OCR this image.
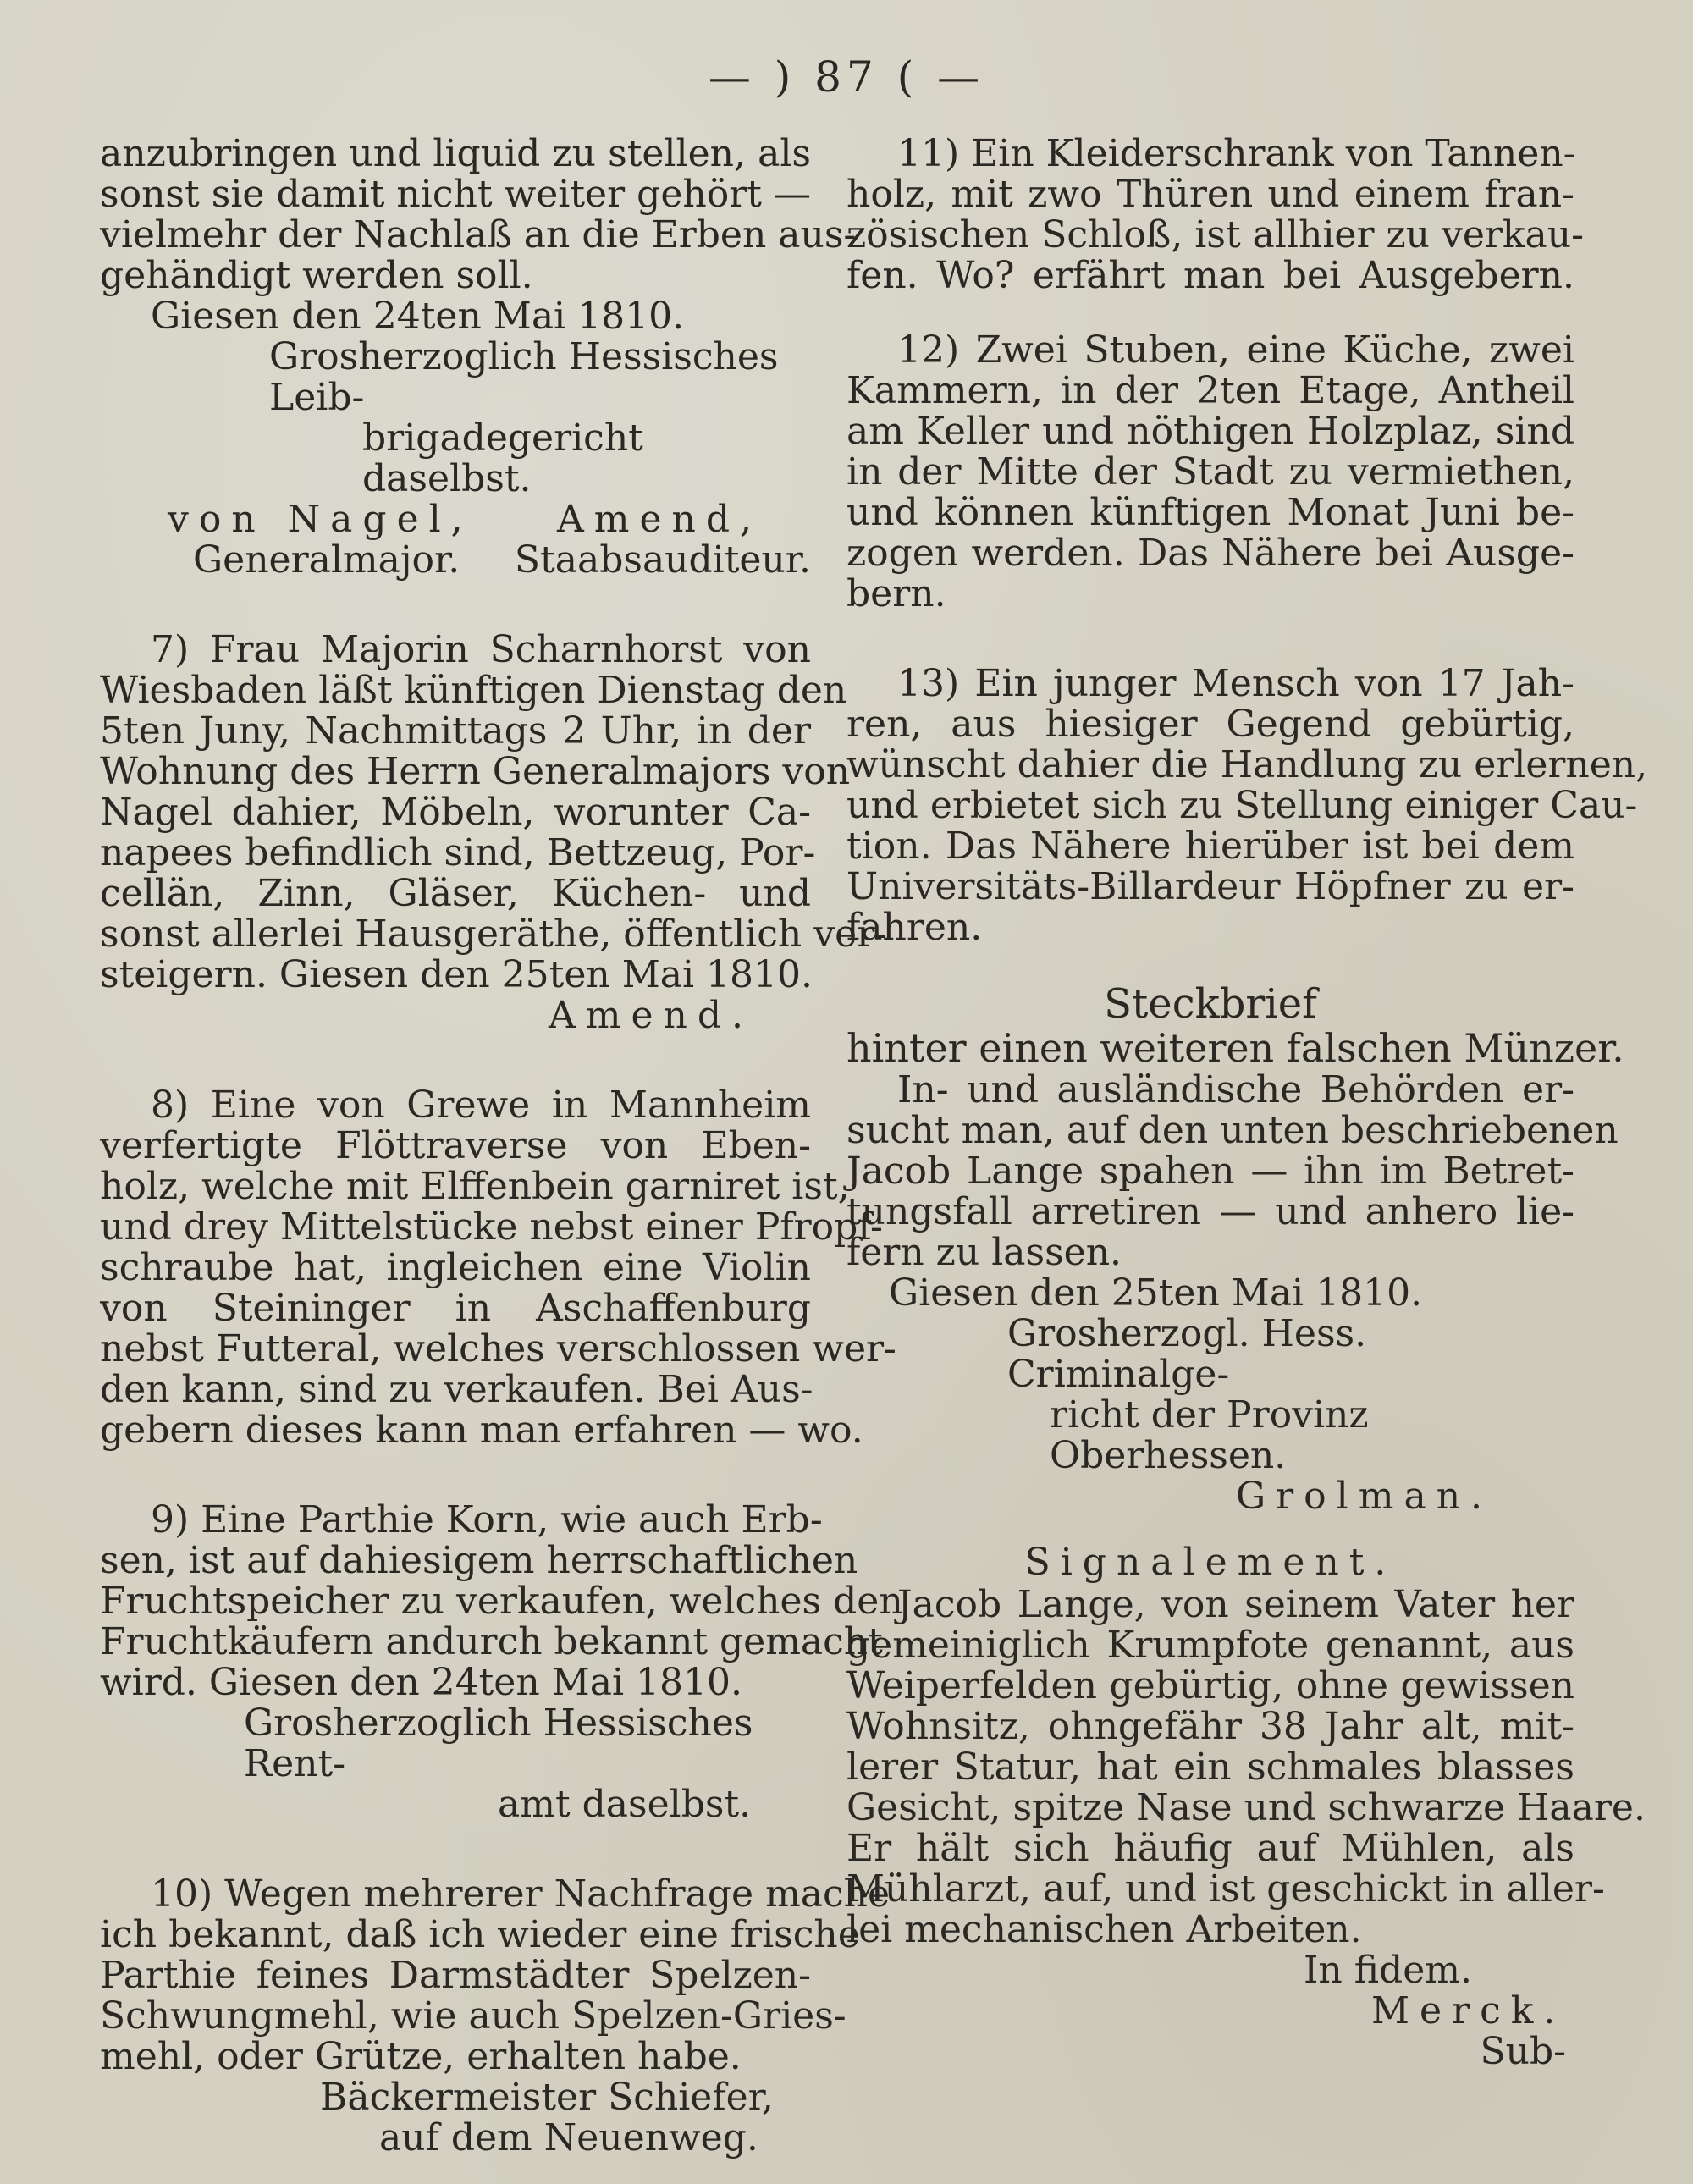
— ) 87 ( —
anzubringen und liquid zu stellen, als
sonst sie damit nicht weiter gehört —
vielmehr der Nachlaß an die Erben aus-
gehändigt werden soll.
Giesen den 24ten Mai 1810.
Grosherzoglich Hessisches Leib-
brigadegericht daselbst.
von Nagel,	Amend,
Generalmajor.	Staabsauditeur.
7) Frau Majorin Scharnhorst von
Wiesbaden läßt künftigen Dienstag den
5ten Juny, Nachmittags 2 Uhr, in der
Wohnung des Herrn Generalmajors von
Nagel dahier, Möbeln, worunter Ca-
napees befindlich sind, Bettzeug, Por-
cellän, Zinn, Gläser, Küchen- und
sonst allerlei Hausgeräthe, öffentlich ver-
steigern. Giesen den 25ten Mai 1810.
Amend.
8) Eine von Grewe in Mannheim
verfertigte Flöttraverse von Eben-
holz, welche mit Elffenbein garniret ist,
und drey Mittelstücke nebst einer Pfropf-
schraube hat, ingleichen eine Violin
von Steininger in Aschaffenburg
nebst Futteral, welches verschlossen wer-
den kann, sind zu verkaufen. Bei Aus-
gebern dieses kann man erfahren — wo.
9) Eine Parthie Korn, wie auch Erb-
sen, ist auf dahiesigem herrschaftlichen
Fruchtspeicher zu verkaufen, welches den
Fruchtkäufern andurch bekannt gemacht
wird. Giesen den 24ten Mai 1810.
Grosherzoglich Hessisches Rent-
amt daselbst.
10) Wegen mehrerer Nachfrage mache
ich bekannt, daß ich wieder eine frische
Parthie feines Darmstädter Spelzen-
Schwungmehl, wie auch Spelzen-Gries-
mehl, oder Grütze, erhalten habe.
Bäckermeister Schiefer,
auf dem Neuenweg.
11) Ein Kleiderschrank von Tannen-
holz, mit zwo Thüren und einem fran-
zösischen Schloß, ist allhier zu verkau-
fen. Wo? erfährt man bei Ausgebern.
12) Zwei Stuben, eine Küche, zwei
Kammern, in der 2ten Etage, Antheil
am Keller und nöthigen Holzplaz, sind
in der Mitte der Stadt zu vermiethen,
und können künftigen Monat Juni be-
zogen werden. Das Nähere bei Ausge-
bern.
13) Ein junger Mensch von 17 Jah-
ren, aus hiesiger Gegend gebürtig,
wünscht dahier die Handlung zu erlernen,
und erbietet sich zu Stellung einiger Cau-
tion. Das Nähere hierüber ist bei dem
Universitäts-Billardeur Höpfner zu er-
fahren.
Steckbrief
hinter einen weiteren falschen Münzer.
In- und ausländische Behörden er-
sucht man, auf den unten beschriebenen
Jacob Lange spahen — ihn im Betret-
tungsfall arretiren — und anhero lie-
fern zu lassen.
Giesen den 25ten Mai 1810.
Grosherzogl. Hess. Criminalge-
richt der Provinz Oberhessen.
Grolman.
Signalement.
Jacob Lange, von seinem Vater her
gemeiniglich Krumpfote genannt, aus
Weiperfelden gebürtig, ohne gewissen
Wohnsitz, ohngefähr 38 Jahr alt, mit-
lerer Statur, hat ein schmales blasses
Gesicht, spitze Nase und schwarze Haare.
Er hält sich häufig auf Mühlen, als
Mühlarzt, auf, und ist geschickt in aller-
lei mechanischen Arbeiten.
In fidem.
Merck.
Sub-
